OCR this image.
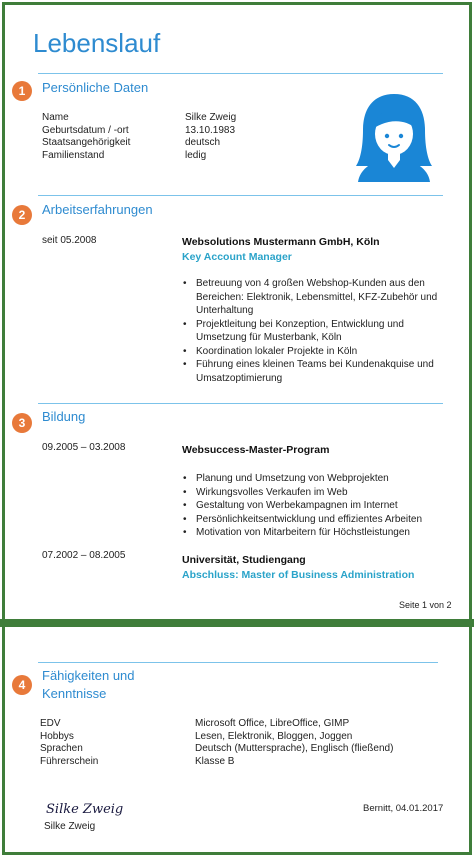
Lebenslauf
1	Persönliche Daten
Name	Silke Zweig
Geburtsdatum / -ort	13.10.1983
Staatsangehörigkeit	deutsch
Familienstand	ledig
2	Arbeitserfahrungen
seit 05.2008	Websolutions Mustermann GmbH, Köln
Key Account Manager
• Betreuung von 4 großen Webshop-Kunden aus den Bereichen: Elektronik, Lebensmittel, KFZ-Zubehör und Unterhaltung
• Projektleitung bei Konzeption, Entwicklung und Umsetzung für Musterbank, Köln
• Koordination lokaler Projekte in Köln
• Führung eines kleinen Teams bei Kundenakquise und Umsatzoptimierung
3	Bildung
09.2005 – 03.2008	Websuccess-Master-Program
• Planung und Umsetzung von Webprojekten
• Wirkungsvolles Verkaufen im Web
• Gestaltung von Werbekampagnen im Internet
• Persönlichkeitsentwicklung und effizientes Arbeiten
• Motivation von Mitarbeitern für Höchstleistungen
07.2002 – 08.2005	Universität, Studiengang
Abschluss: Master of Business Administration
Seite 1 von 2
4
Fähigkeiten und
Kenntnisse
EDV	Microsoft Office, LibreOffice, GIMP
Hobbys	Lesen, Elektronik, Bloggen, Joggen
Sprachen	Deutsch (Muttersprache), Englisch (fließend)
Führerschein	Klasse B
Silke Zweig
Silke Zweig
Bernitt, 04.01.2017
